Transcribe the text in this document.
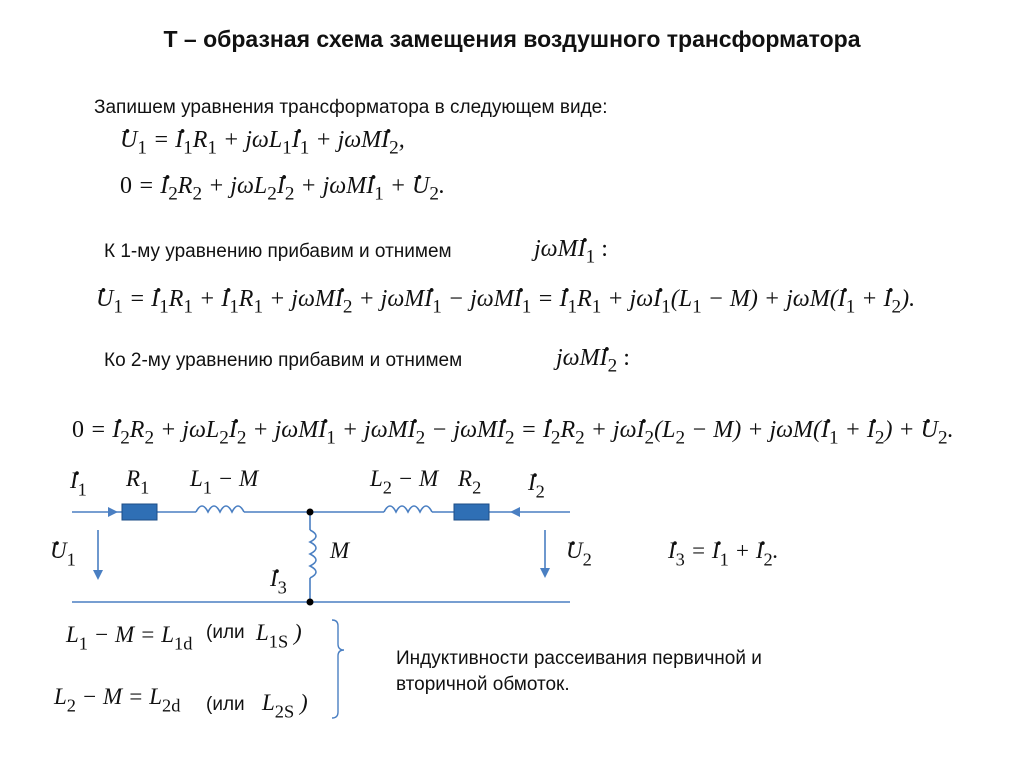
Т – образная схема замещения воздушного трансформатора
Запишем уравнения трансформатора в следующем виде:
. $U_1$ = . $I_1R_1 + j\omega L_1$. $I_1 + j\omega M$. $I_2$,
0 = . $I_2R_2 + j\omega L_2$. $I_2 + j\omega M$. $I_1$ + . $U_2$.
К 1-му уравнению прибавим и отнимем	jωM. $I_1$ :
. $U_1$ = . $I_1R_1$ + . $I_1R_1 + j\omega M$. $I_2 + j\omega M$. $I_1 - j\omega M$. $I_1$ = . $I_1R_1 + j\omega$. $I_1(L_1 - M) + j\omega M$(. $I_1$ + . $I_2$).
Ко 2-му уравнению прибавим и отнимем	jωM. $I_2$ :
0 = . $I_2R_2 + j\omega L_2$. $I_2 + j\omega M$. $I_1 + j\omega M$. $I_2 - j\omega M$. $I_2$ = . $I_2R_2 + j\omega$. $I_2(L_2 - M) + j\omega M$(. $I_1$ + . $I_2$) + . $U_2$.
. $I_1$ $R_1$ $L_1 - M$	$L_2 - M$ $R_2$ . $I_2$
. $U_1$	. $U_2$
M
. $I_3$
. $I_3$ = . $I_1$ + . $I_2$.
$L_1 - M = L_{1d}$
(или $L_{1S}$ )
$L_2 - M = L_{2d}$ (или $L_{2S}$ )
Индуктивности рассеивания первичной и
вторичной обмоток.
